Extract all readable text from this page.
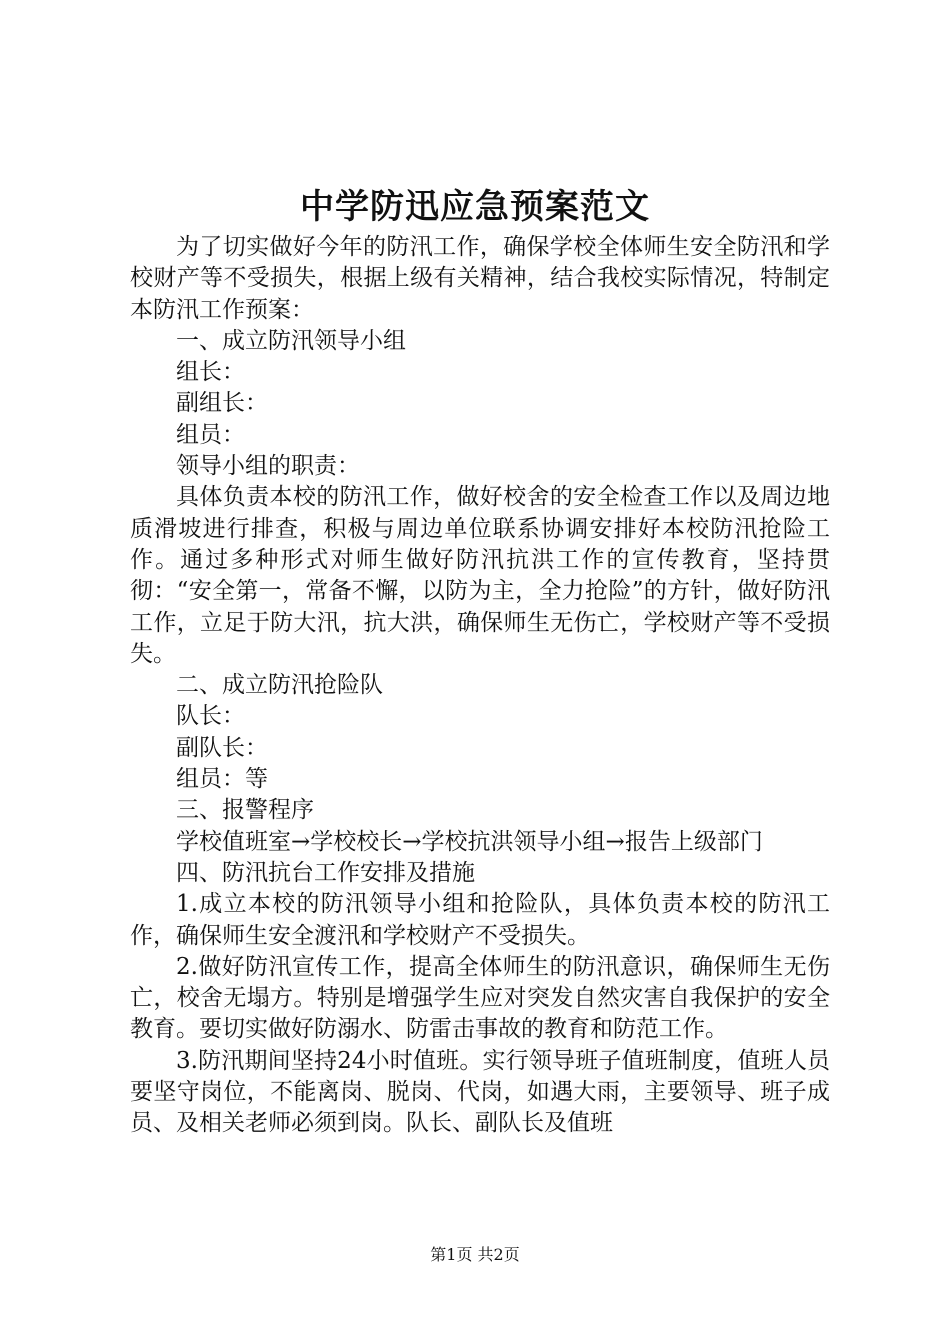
中学防迅应急预案范文

为了切实做好今年的防汛工作，确保学校全体师生安全防汛和学校财产等不受损失，根据上级有关精神，结合我校实际情况，特制定本防汛工作预案：

一、成立防汛领导小组

组长：

副组长：

组员：

领导小组的职责：

具体负责本校的防汛工作，做好校舍的安全检查工作以及周边地质滑坡进行排查，积极与周边单位联系协调安排好本校防汛抢险工作。通过多种形式对师生做好防汛抗洪工作的宣传教育，坚持贯彻：“安全第一，常备不懈，以防为主，全力抢险”的方针，做好防汛工作，立足于防大汛，抗大洪，确保师生无伤亡，学校财产等不受损失。

二、成立防汛抢险队

队长：

副队长：

组员：等

三、报警程序

学校值班室→学校校长→学校抗洪领导小组→报告上级部门

四、防汛抗台工作安排及措施

1.成立本校的防汛领导小组和抢险队，具体负责本校的防汛工作，确保师生安全渡汛和学校财产不受损失。

2.做好防汛宣传工作，提高全体师生的防汛意识，确保师生无伤亡，校舍无塌方。特别是增强学生应对突发自然灾害自我保护的安全教育。要切实做好防溺水、防雷击事故的教育和防范工作。

3.防汛期间坚持24小时值班。实行领导班子值班制度，值班人员要坚守岗位，不能离岗、脱岗、代岗，如遇大雨，主要领导、班子成员、及相关老师必须到岗。队长、副队长及值班

第1页 共2页
